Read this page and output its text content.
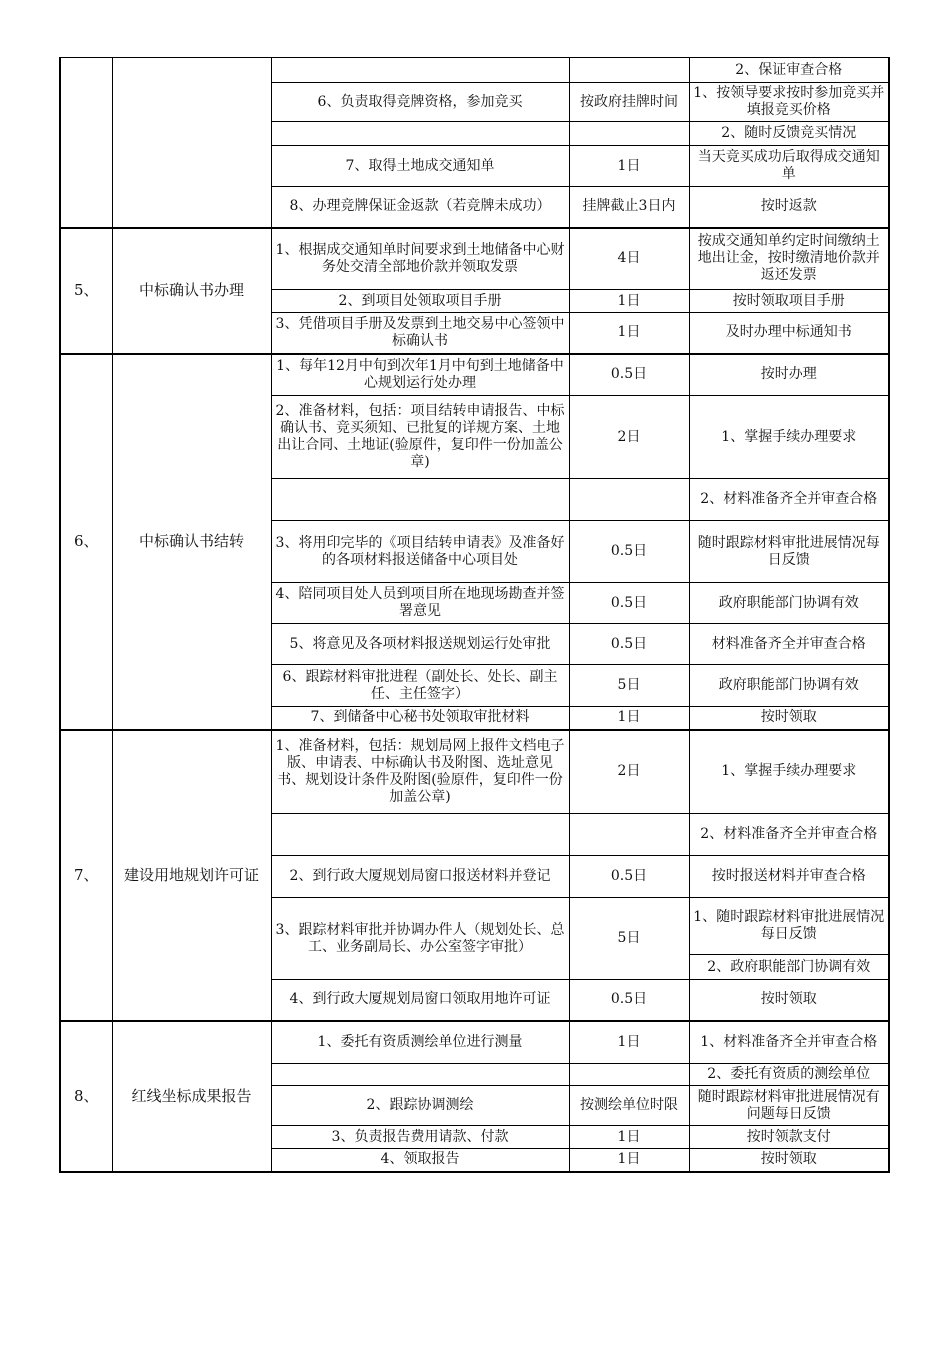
				2、保证审查合格
		6、负责取得竞牌资格，参加竞买	按政府挂牌时间	1、按领导要求按时参加竞买并填报竞买价格
				2、随时反馈竞买情况
		7、取得土地成交通知单	1日	当天竞买成功后取得成交通知单
		8、办理竞牌保证金返款（若竞牌未成功）	挂牌截止3日内	按时返款
5、	中标确认书办理	1、根据成交通知单时间要求到土地储备中心财务处交清全部地价款并领取发票	4日	按成交通知单约定时间缴纳土地出让金，按时缴清地价款并返还发票
		2、到项目处领取项目手册	1日	按时领取项目手册
		3、凭借项目手册及发票到土地交易中心签领中标确认书	1日	及时办理中标通知书
6、	中标确认书结转	1、每年12月中旬到次年1月中旬到土地储备中心规划运行处办理	0.5日	按时办理
		2、准备材料，包括：项目结转申请报告、中标确认书、竞买须知、已批复的详规方案、土地出让合同、土地证(验原件，复印件一份加盖公章)	2日	1、掌握手续办理要求
				2、材料准备齐全并审查合格
		3、将用印完毕的《项目结转申请表》及准备好的各项材料报送储备中心项目处	0.5日	随时跟踪材料审批进展情况每日反馈
		4、陪同项目处人员到项目所在地现场勘查并签署意见	0.5日	政府职能部门协调有效
		5、将意见及各项材料报送规划运行处审批	0.5日	材料准备齐全并审查合格
		6、跟踪材料审批进程（副处长、处长、副主任、主任签字）	5日	政府职能部门协调有效
		7、到储备中心秘书处领取审批材料	1日	按时领取
7、	建设用地规划许可证	1、准备材料，包括：规划局网上报件文档电子版、申请表、中标确认书及附图、选址意见书、规划设计条件及附图(验原件，复印件一份加盖公章)	2日	1、掌握手续办理要求
				2、材料准备齐全并审查合格
		2、到行政大厦规划局窗口报送材料并登记	0.5日	按时报送材料并审查合格
		3、跟踪材料审批并协调办件人（规划处长、总工、业务副局长、办公室签字审批）	5日	1、随时跟踪材料审批进展情况每日反馈
				2、政府职能部门协调有效
		4、到行政大厦规划局窗口领取用地许可证	0.5日	按时领取
8、	红线坐标成果报告	1、委托有资质测绘单位进行测量	1日	1、材料准备齐全并审查合格
				2、委托有资质的测绘单位
		2、跟踪协调测绘	按测绘单位时限	随时跟踪材料审批进展情况有问题每日反馈
		3、负责报告费用请款、付款	1日	按时领款支付
		4、领取报告	1日	按时领取
